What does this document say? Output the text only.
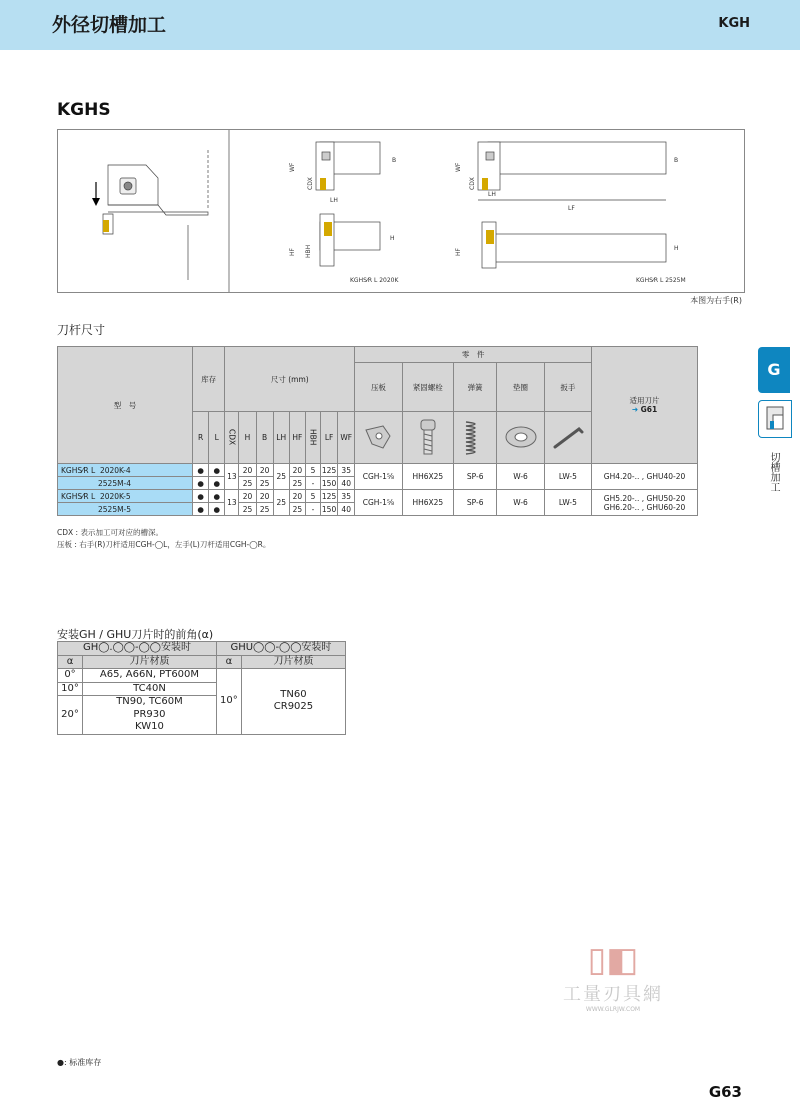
外径切槽加工	KGH
KGHS
WF
CDX
B
LH
HF HBH
H
KGHS⁄R L 2020K
WF
CDX
B
LH
LF
HF	H
KGHS⁄R L 2525M
本图为右手(R)
刀杆尺寸
型　号	库存		尺寸 (mm)								零　件					适用刀片
➜ G61

											压板	紧固螺栓	弹簧	垫圈	扳手	
	R	L	CDX	H	B	LH	HF	HBH	LF	WF					
KGHS⁄R L 2020K-4	●	●	13	20	20	25	20	5	125	35	CGH-1⁵⁄₈	HH6X25	SP-6	W-6	LW-5	GH4.20-.. , GHU40-20
2525M-4	●	●		25	25		25	-	150	40						
KGHS⁄R L 2020K-5	●	●	13	20	20	25	20	5	125	35	CGH-1⁵⁄₈	HH6X25	SP-6	W-6	LW-5	GH5.20-.. , GHU50-20
GH6.20-.. , GHU60-20

2525M-5	●	●		25	25		25	-	150	40						
CDX : 表示加工可对应的槽深。
压板 : 右手(R)刀杆适用CGH-◯L，左手(L)刀杆适用CGH-◯R。
安装GH / GHU刀片时的前角(α)
GH◯.◯◯-◯◯安装时		GHU◯◯-◯◯安装时	
α	刀片材质	α	刀片材质
0°	A65, A66N, PT600M	10°	TN60
CR9025

10°	TC40N		
20°	TN90, TC60M
PR930
KW10		
G
切槽加工
▯◧
工量刃具網
WWW.GLRJW.COM
●: 标准库存
G63
